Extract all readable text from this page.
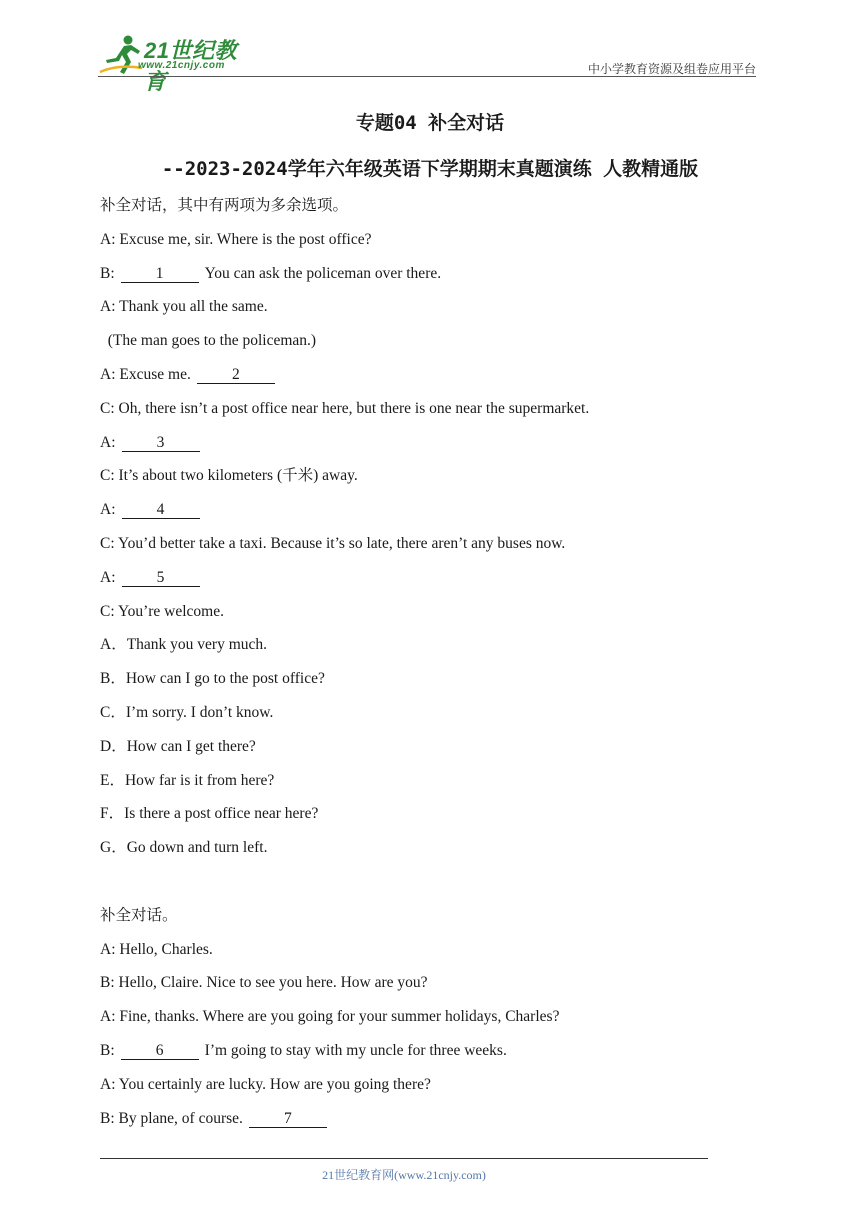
21世纪教育
www.21cnjy.com	中小学教育资源及组卷应用平台
专题04 补全对话
--2023-2024学年六年级英语下学期期末真题演练 人教精通版
补全对话，其中有两项为多余选项。
A: Excuse me, sir. Where is the post office?
B:	1	You can ask the policeman over there.
A: Thank you all the same.
(The man goes to the policeman.)
A: Excuse me.	2
C: Oh, there isn’t a post office near here, but there is one near the supermarket.
A:	3
C: It’s about two kilometers (千米) away.
A:	4
C: You’d better take a taxi. Because it’s so late, there aren’t any buses now.
A:	5
C: You’re welcome.
A．Thank you very much.
B．How can I go to the post office?
C．I’m sorry. I don’t know.
D．How can I get there?
E．How far is it from here?
F．Is there a post office near here?
G．Go down and turn left.
补全对话。
A: Hello, Charles.
B: Hello, Claire. Nice to see you here. How are you?
A: Fine, thanks. Where are you going for your summer holidays, Charles?
B:	6	I’m going to stay with my uncle for three weeks.
A: You certainly are lucky. How are you going there?
B: By plane, of course.	7
21世纪教育网(www.21cnjy.com)
